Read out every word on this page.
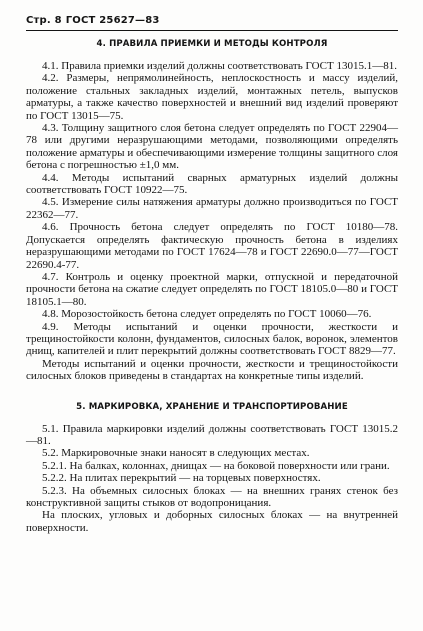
Стр. 8 ГОСТ 25627—83
4. ПРАВИЛА ПРИЕМКИ И МЕТОДЫ КОНТРОЛЯ

4.1. Правила приемки изделий должны соответствовать ГОСТ 13015.1—81.

4.2. Размеры, непрямолинейность, неплоскостность и массу изделий, положение стальных закладных изделий, монтажных петель, выпусков арматуры, а также качество поверхностей и внешний вид изделий проверяют по ГОСТ 13015—75.

4.3. Толщину защитного слоя бетона следует определять по ГОСТ 22904—78 или другими неразрушающими методами, позволяющими определять положение арматуры и обеспечивающими измерение толщины защитного слоя бетона с погрешностью ±1,0 мм.

4.4. Методы испытаний сварных арматурных изделий должны соответствовать ГОСТ 10922—75.

4.5. Измерение силы натяжения арматуры должно производиться по ГОСТ 22362—77.

4.6. Прочность бетона следует определять по ГОСТ 10180—78. Допускается определять фактическую прочность бетона в изделиях неразрушающими методами по ГОСТ 17624—78 и ГОСТ 22690.0—77—ГОСТ 22690.4-77.

4.7. Контроль и оценку проектной марки, отпускной и передаточной прочности бетона на сжатие следует определять по ГОСТ 18105.0—80 и ГОСТ 18105.1—80.

4.8. Морозостойкость бетона следует определять по ГОСТ 10060—76.

4.9. Методы испытаний и оценки прочности, жесткости и трещиностойкости колонн, фундаментов, силосных балок, воронок, элементов днищ, капителей и плит перекрытий должны соответствовать ГОСТ 8829—77.

Методы испытаний и оценки прочности, жесткости и трещиностойкости силосных блоков приведены в стандартах на конкретные типы изделий.

5. МАРКИРОВКА, ХРАНЕНИЕ И ТРАНСПОРТИРОВАНИЕ

5.1. Правила маркировки изделий должны соответствовать ГОСТ 13015.2—81.

5.2. Маркировочные знаки наносят в следующих местах.

5.2.1. На балках, колоннах, днищах — на боковой поверхности или грани.

5.2.2. На плитах перекрытий — на торцевых поверхностях.

5.2.3. На объемных силосных блоках — на внешних гранях стенок без конструктивной защиты стыков от водопроницания.

На плоских, угловых и доборных силосных блоках — на внутренней поверхности.
